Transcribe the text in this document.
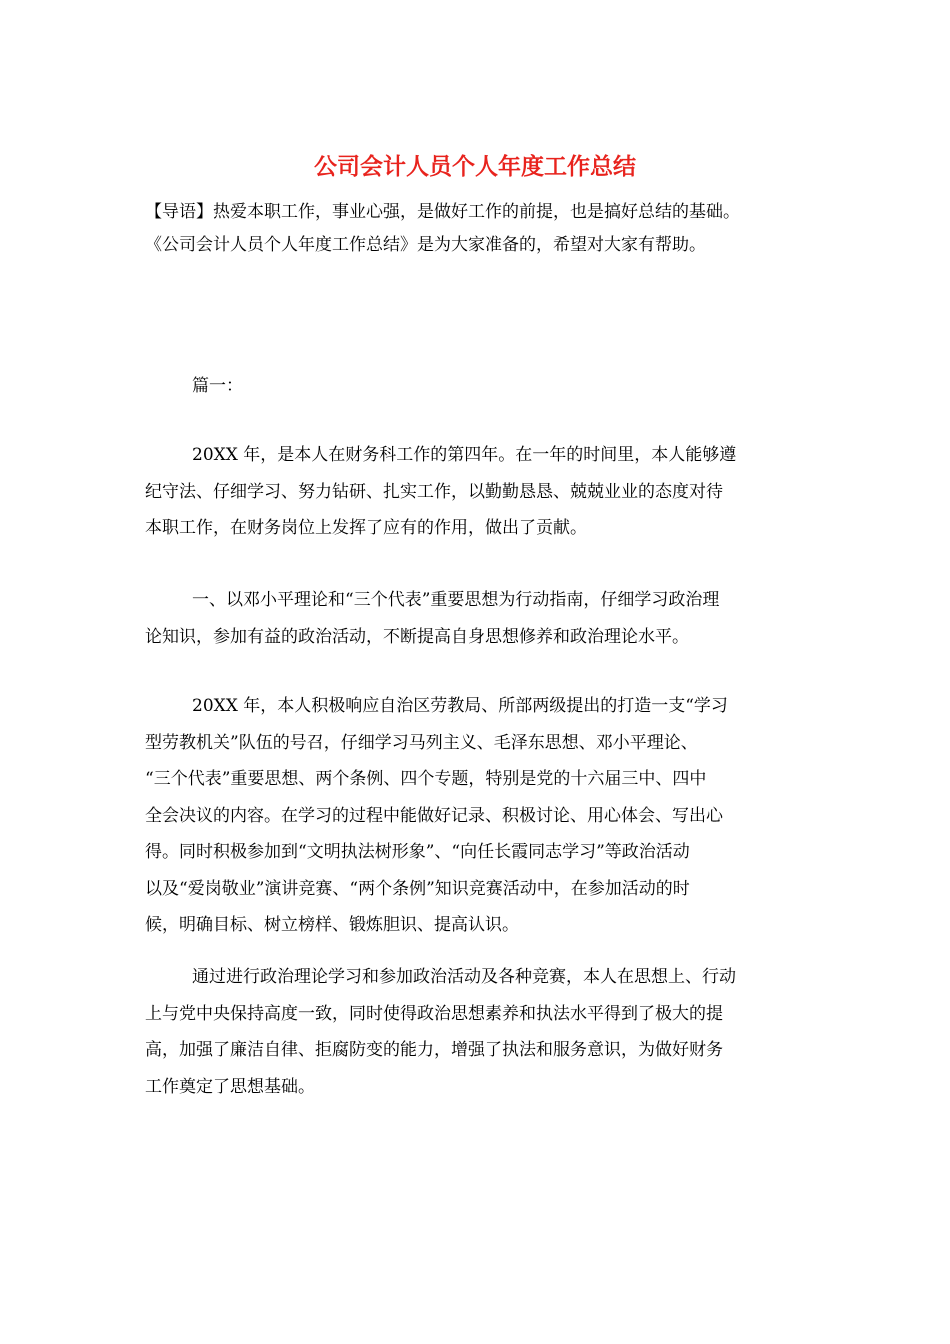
公司会计人员个人年度工作总结
【导语】热爱本职工作，事业心强，是做好工作的前提，也是搞好总结的基础。
《公司会计人员个人年度工作总结》是为大家准备的，希望对大家有帮助。
篇一：
20XX 年，是本人在财务科工作的第四年。在一年的时间里，本人能够遵
纪守法、仔细学习、努力钻研、扎实工作，以勤勤恳恳、兢兢业业的态度对待
本职工作，在财务岗位上发挥了应有的作用，做出了贡献。
一、以邓小平理论和“三个代表”重要思想为行动指南，仔细学习政治理
论知识，参加有益的政治活动，不断提高自身思想修养和政治理论水平。
20XX 年，本人积极响应自治区劳教局、所部两级提出的打造一支“学习
型劳教机关”队伍的号召，仔细学习马列主义、毛泽东思想、邓小平理论、
“三个代表”重要思想、两个条例、四个专题，特别是党的十六届三中、四中
全会决议的内容。在学习的过程中能做好记录、积极讨论、用心体会、写出心
得。同时积极参加到“文明执法树形象”、“向任长霞同志学习”等政治活动
以及“爱岗敬业”演讲竞赛、“两个条例”知识竞赛活动中，在参加活动的时
候，明确目标、树立榜样、锻炼胆识、提高认识。
通过进行政治理论学习和参加政治活动及各种竞赛，本人在思想上、行动
上与党中央保持高度一致，同时使得政治思想素养和执法水平得到了极大的提
高，加强了廉洁自律、拒腐防变的能力，增强了执法和服务意识，为做好财务
工作奠定了思想基础。
